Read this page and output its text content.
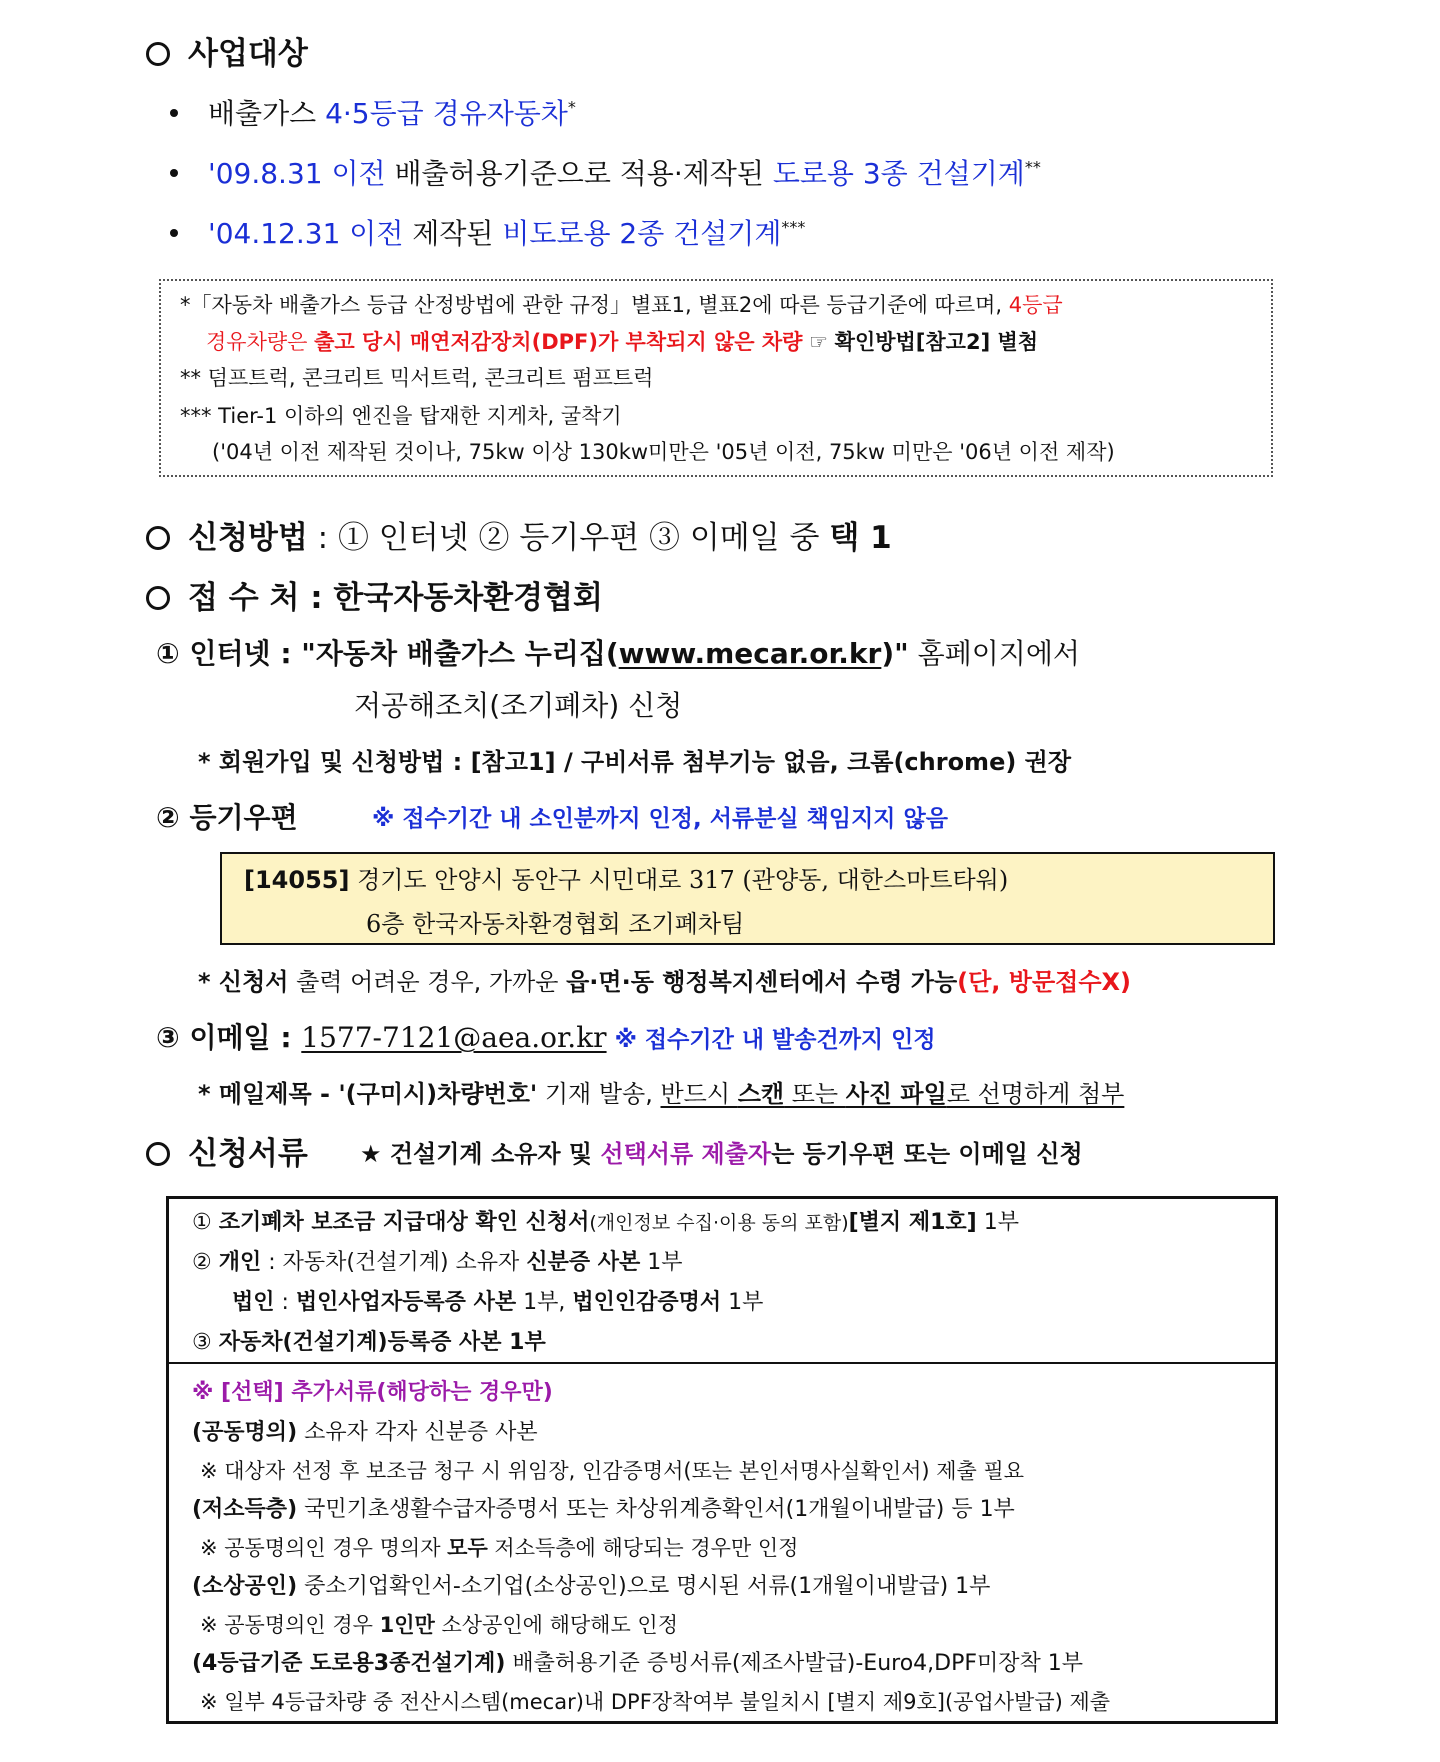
사업대상
배출가스 4·5등급 경유자동차*
'09.8.31 이전 배출허용기준으로 적용·제작된 도로용 3종 건설기계**
'04.12.31 이전 제작된 비도로용 2종 건설기계***
*「자동차 배출가스 등급 산정방법에 관한 규정」별표1, 별표2에 따른 등급기준에 따르며, 4등급
경유차량은 출고 당시 매연저감장치(DPF)가 부착되지 않은 차량 ☞ 확인방법[참고2] 별첨
** 덤프트럭, 콘크리트 믹서트럭, 콘크리트 펌프트럭
*** Tier-1 이하의 엔진을 탑재한 지게차, 굴착기
('04년 이전 제작된 것이나, 75kw 이상 130kw미만은 '05년 이전, 75kw 미만은 '06년 이전 제작)
신청방법 : ① 인터넷 ② 등기우편 ③ 이메일 중 택 1
접 수 처 : 한국자동차환경협회
① 인터넷 : "자동차 배출가스 누리집(www.mecar.or.kr)" 홈페이지에서
저공해조치(조기폐차) 신청
* 회원가입 및 신청방법 : [참고1] / 구비서류 첨부기능 없음, 크롬(chrome) 권장
② 등기우편	※ 접수기간 내 소인분까지 인정, 서류분실 책임지지 않음
[14055] 경기도 안양시 동안구 시민대로 317 (관양동, 대한스마트타워)
6층 한국자동차환경협회 조기폐차팀
* 신청서 출력 어려운 경우, 가까운 읍·면·동 행정복지센터에서 수령 가능(단, 방문접수X)
③ 이메일 : 1577-7121@aea.or.kr ※ 접수기간 내 발송건까지 인정
* 메일제목 - '(구미시)차량번호' 기재 발송, 반드시 스캔 또는 사진 파일로 선명하게 첨부
신청서류 ★ 건설기계 소유자 및 선택서류 제출자는 등기우편 또는 이메일 신청
① 조기폐차 보조금 지급대상 확인 신청서(개인정보 수집·이용 동의 포함)[별지 제1호] 1부
② 개인 : 자동차(건설기계) 소유자 신분증 사본 1부
법인 : 법인사업자등록증 사본 1부, 법인인감증명서 1부
③ 자동차(건설기계)등록증 사본 1부
※ [선택] 추가서류(해당하는 경우만)
(공동명의) 소유자 각자 신분증 사본
※ 대상자 선정 후 보조금 청구 시 위임장, 인감증명서(또는 본인서명사실확인서) 제출 필요
(저소득층) 국민기초생활수급자증명서 또는 차상위계층확인서(1개월이내발급) 등 1부
※ 공동명의인 경우 명의자 모두 저소득층에 해당되는 경우만 인정
(소상공인) 중소기업확인서-소기업(소상공인)으로 명시된 서류(1개월이내발급) 1부
※ 공동명의인 경우 1인만 소상공인에 해당해도 인정
(4등급기준 도로용3종건설기계) 배출허용기준 증빙서류(제조사발급)-Euro4,DPF미장착 1부
※ 일부 4등급차량 중 전산시스템(mecar)내 DPF장착여부 불일치시 [별지 제9호](공업사발급) 제출
